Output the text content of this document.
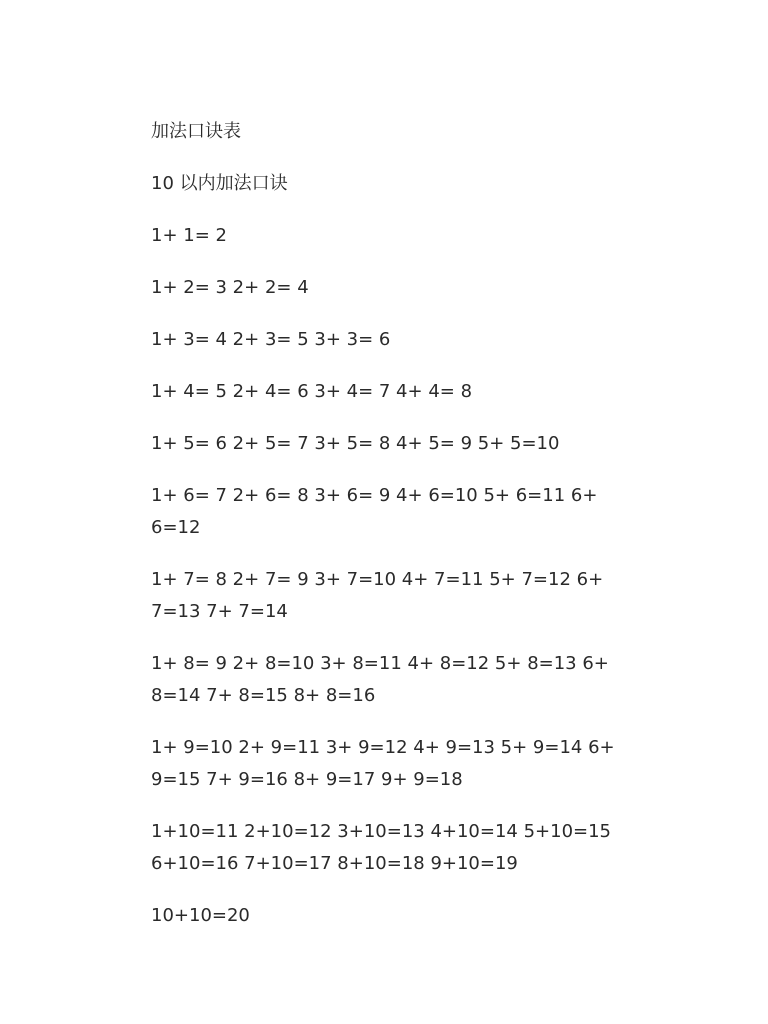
加法口诀表
10 以内加法口诀
1+ 1= 2
1+ 2= 3 2+ 2= 4
1+ 3= 4 2+ 3= 5 3+ 3= 6
1+ 4= 5 2+ 4= 6 3+ 4= 7 4+ 4= 8
1+ 5= 6 2+ 5= 7 3+ 5= 8 4+ 5= 9 5+ 5=10
1+ 6= 7 2+ 6= 8 3+ 6= 9 4+ 6=10 5+ 6=11 6+ 6=12
1+ 7= 8 2+ 7= 9 3+ 7=10 4+ 7=11 5+ 7=12 6+ 7=13 7+ 7=14
1+ 8= 9 2+ 8=10 3+ 8=11 4+ 8=12 5+ 8=13 6+ 8=14 7+ 8=15 8+ 8=16
1+ 9=10 2+ 9=11 3+ 9=12 4+ 9=13 5+ 9=14 6+ 9=15 7+ 9=16 8+ 9=17 9+ 9=18
1+10=11 2+10=12 3+10=13 4+10=14 5+10=15 6+10=16 7+10=17 8+10=18 9+10=19
10+10=20
